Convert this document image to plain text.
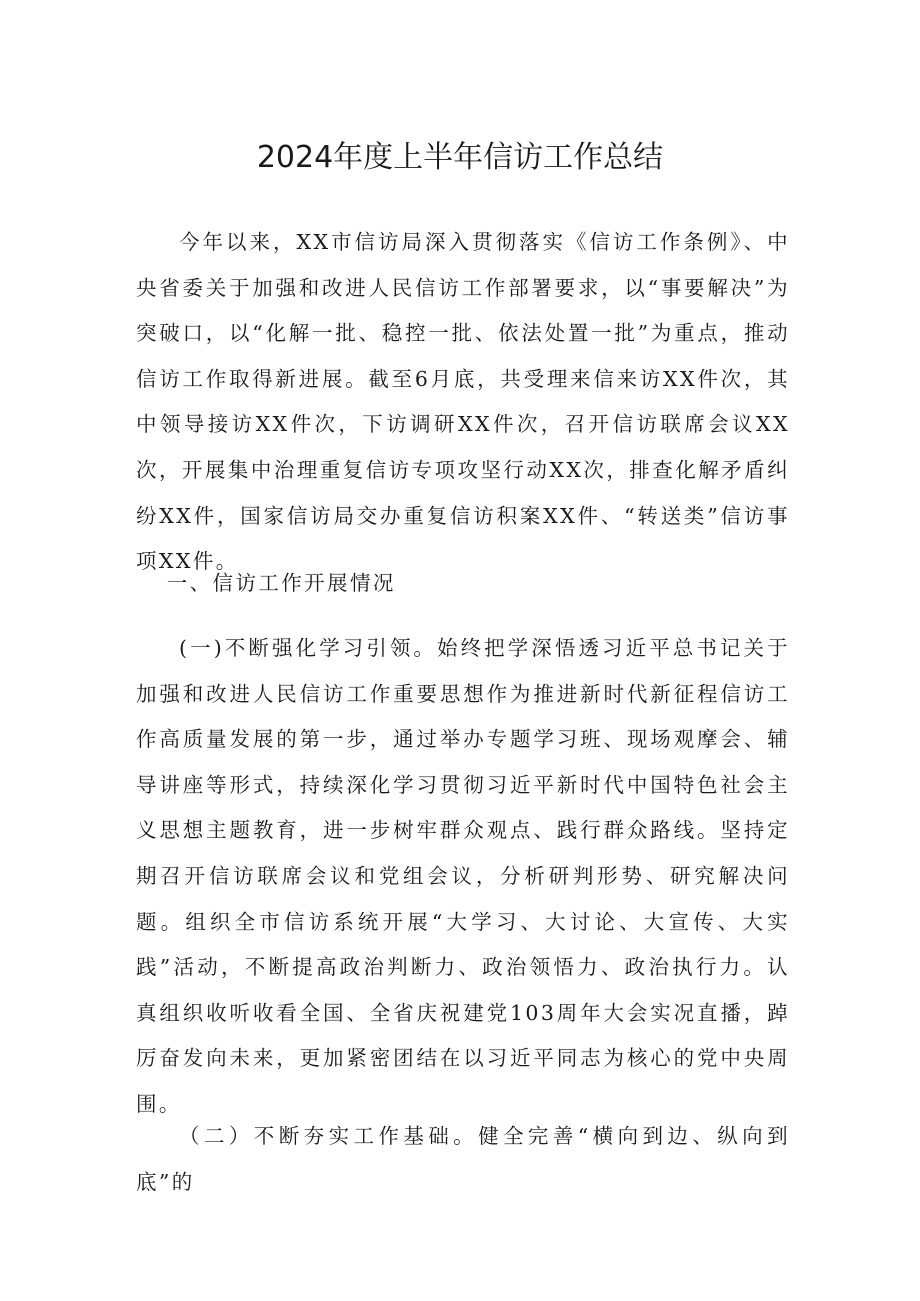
2024年度上半年信访工作总结

今年以来，XX市信访局深入贯彻落实《信访工作条例》、中央省委关于加强和改进人民信访工作部署要求，以“事要解决”为突破口，以“化解一批、稳控一批、依法处置一批”为重点，推动信访工作取得新进展。截至6月底，共受理来信来访XX件次，其中领导接访XX件次，下访调研XX件次，召开信访联席会议XX次，开展集中治理重复信访专项攻坚行动XX次，排查化解矛盾纠纷XX件，国家信访局交办重复信访积案XX件、“转送类”信访事项XX件。

一、信访工作开展情况

(一)不断强化学习引领。始终把学深悟透习近平总书记关于加强和改进人民信访工作重要思想作为推进新时代新征程信访工作高质量发展的第一步，通过举办专题学习班、现场观摩会、辅导讲座等形式，持续深化学习贯彻习近平新时代中国特色社会主义思想主题教育，进一步树牢群众观点、践行群众路线。坚持定期召开信访联席会议和党组会议，分析研判形势、研究解决问题。组织全市信访系统开展“大学习、大讨论、大宣传、大实践”活动，不断提高政治判断力、政治领悟力、政治执行力。认真组织收听收看全国、全省庆祝建党103周年大会实况直播，踔厉奋发向未来，更加紧密团结在以习近平同志为核心的党中央周围。

（二）不断夯实工作基础。健全完善“横向到边、纵向到底”的
